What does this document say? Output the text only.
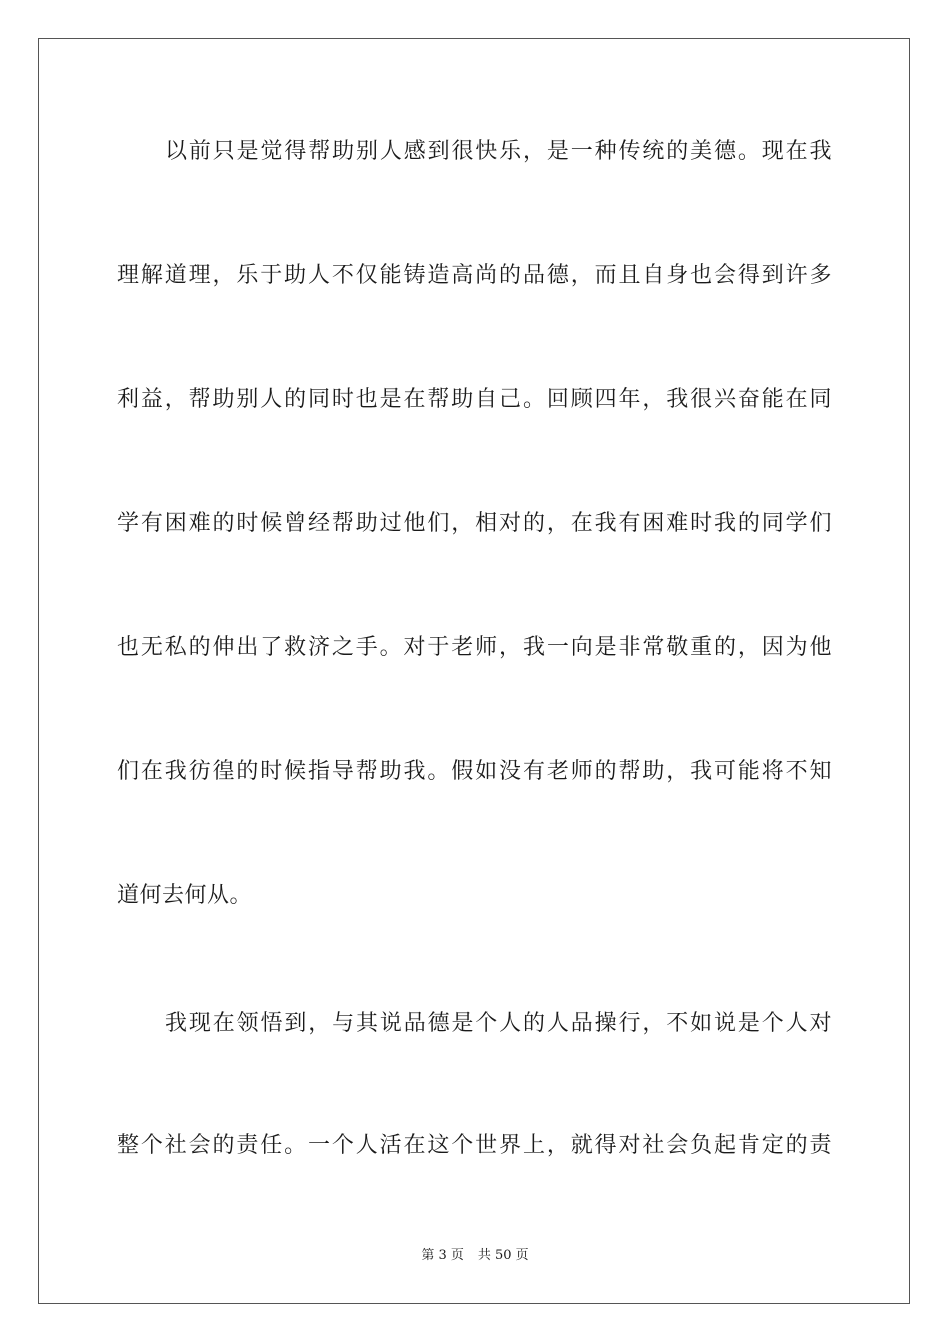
以前只是觉得帮助别人感到很快乐，是一种传统的美德。现在我
理解道理，乐于助人不仅能铸造高尚的品德，而且自身也会得到许多
利益，帮助别人的同时也是在帮助自己。回顾四年，我很兴奋能在同
学有困难的时候曾经帮助过他们，相对的，在我有困难时我的同学们
也无私的伸出了救济之手。对于老师，我一向是非常敬重的，因为他
们在我彷徨的时候指导帮助我。假如没有老师的帮助，我可能将不知
道何去何从。
我现在领悟到，与其说品德是个人的人品操行，不如说是个人对
整个社会的责任。一个人活在这个世界上，就得对社会负起肯定的责
第 3 页 共 50 页
